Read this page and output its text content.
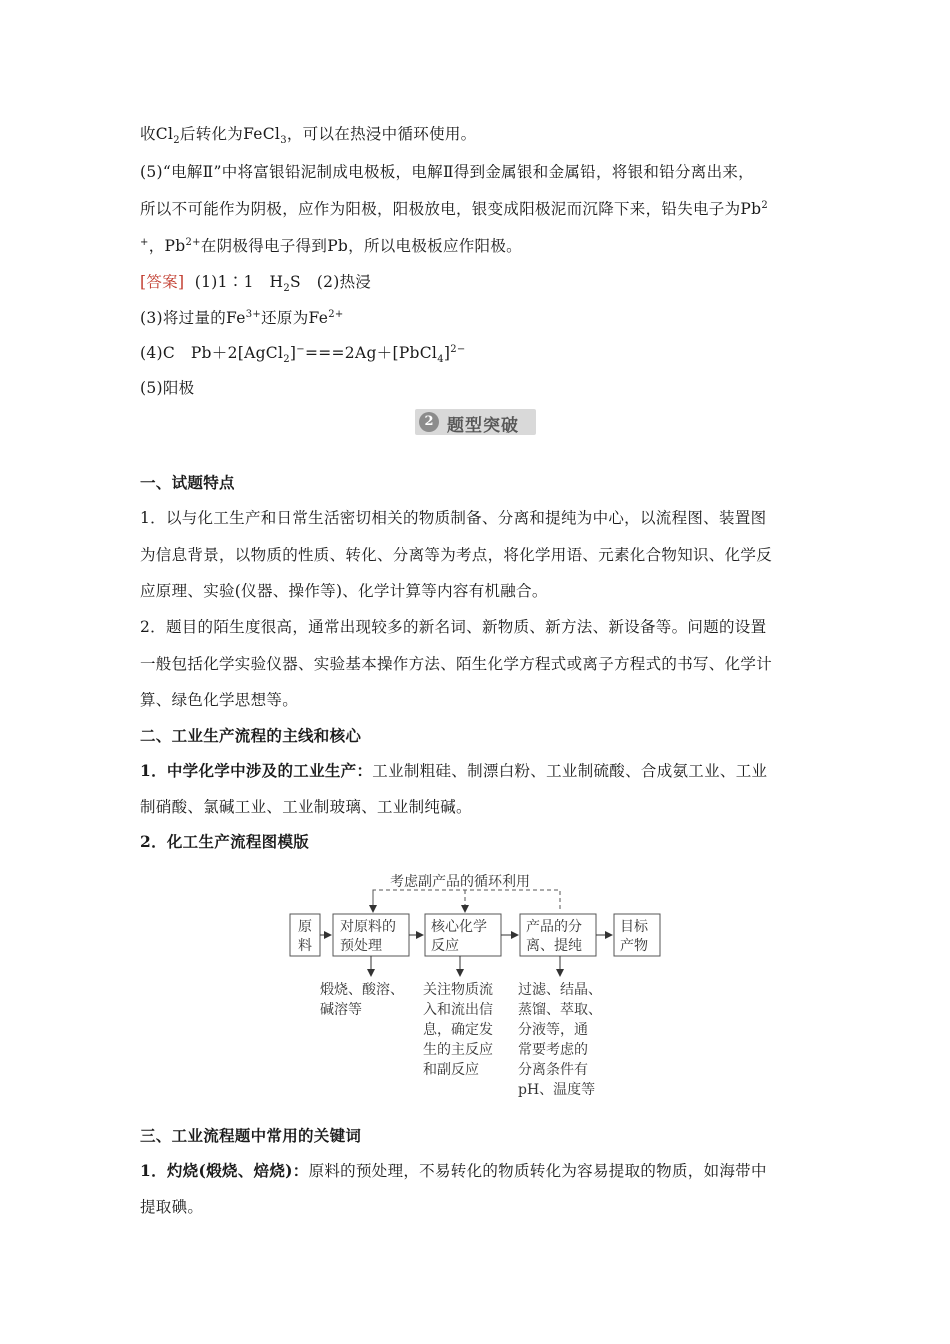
收$Cl_2$后转化为FeCl$_3$，可以在热浸中循环使用。
(5)“电解Ⅱ”中将富银铅泥制成电极板，电解Ⅱ得到金属银和金属铅，将银和铅分离出来，
所以不可能作为阴极，应作为阳极，阳极放电，银变成阳极泥而沉降下来，铅失电子为Pb$^2$
+，$Pb^{2+}$在阴极得电子得到Pb，所以电极板应作阳极。
[答案] (1)1∶1　$H_2S$　(2)热浸
(3)将过量的$Fe^{3+}$还原为$Fe^{2+}$
(4)C　Pb＋2[AgCl$_2$]−===2Ag＋[PbCl$_4$]$^{2-}$
(5)阳极
2 题型突破
一、试题特点
1．以与化工生产和日常生活密切相关的物质制备、分离和提纯为中心，以流程图、装置图
为信息背景，以物质的性质、转化、分离等为考点，将化学用语、元素化合物知识、化学反
应原理、实验(仪器、操作等)、化学计算等内容有机融合。
2．题目的陌生度很高，通常出现较多的新名词、新物质、新方法、新设备等。问题的设置
一般包括化学实验仪器、实验基本操作方法、陌生化学方程式或离子方程式的书写、化学计
算、绿色化学思想等。
二、工业生产流程的主线和核心
1．中学化学中涉及的工业生产：工业制粗硅、制漂白粉、工业制硫酸、合成氨工业、工业
制硝酸、氯碱工业、工业制玻璃、工业制纯碱。
2．化工生产流程图模版
三、工业流程题中常用的关键词
1．灼烧(煅烧、焙烧)：原料的预处理，不易转化的物质转化为容易提取的物质，如海带中
提取碘。
考虑副产品的循环利用
原
料
对原料的
预处理
核心化学
反应
产品的分
离、提纯
目标
产物
煅烧、酸溶、
碱溶等
关注物质流
入和流出信
息，确定发
生的主反应
和副反应
过滤、结晶、
蒸馏、萃取、
分液等，通
常要考虑的
分离条件有
pH、温度等
